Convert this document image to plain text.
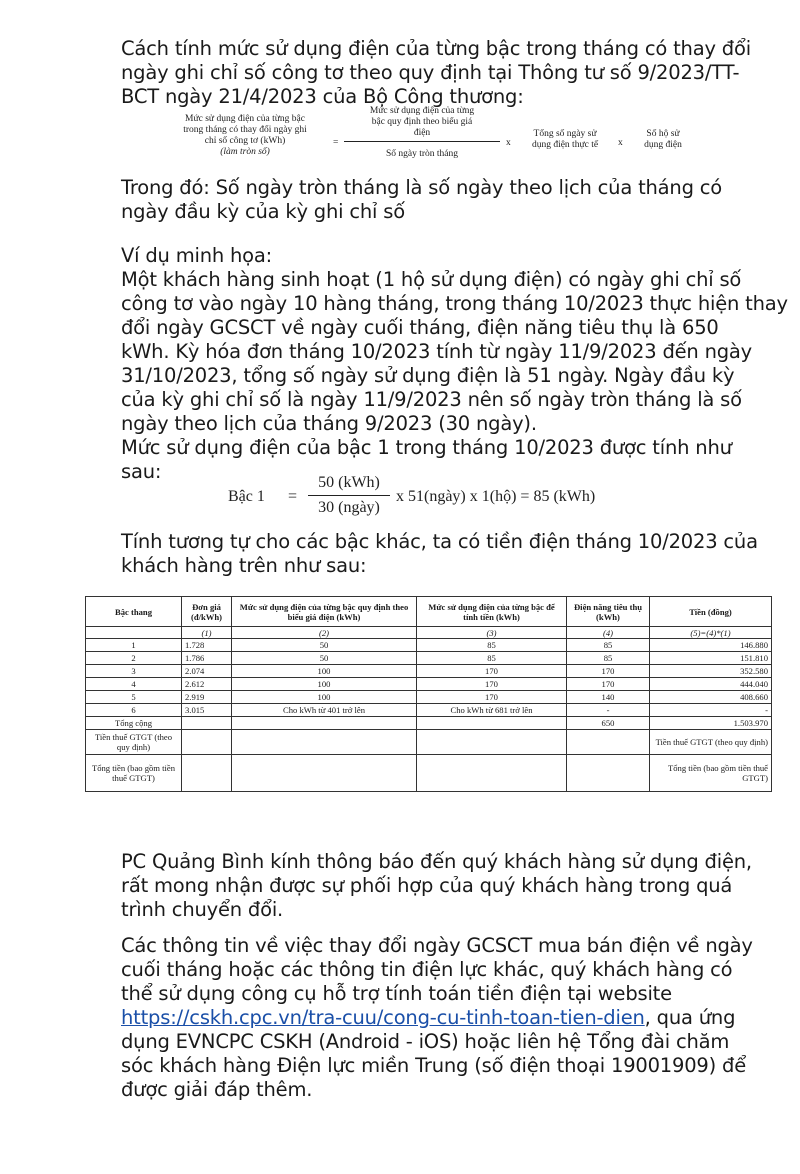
Cách tính mức sử dụng điện của từng bậc trong tháng có thay đổi

ngày ghi chỉ số công tơ theo quy định tại Thông tư số 9/2023/TT-

BCT ngày 21/4/2023 của Bộ Công thương:

Mức sử dụng điện của từng bậc
trong tháng có thay đổi ngày ghi
chỉ số công tơ (kWh)
(làm tròn số)
=
Mức sử dụng điện của từng
bậc quy định theo biểu giá
điện
Số ngày tròn tháng
x
Tổng số ngày sử
dụng điện thực tế	x
Số hộ sử
dụng điện

Trong đó: Số ngày tròn tháng là số ngày theo lịch của tháng có

ngày đầu kỳ của kỳ ghi chỉ số

Ví dụ minh họa:

Một khách hàng sinh hoạt (1 hộ sử dụng điện) có ngày ghi chỉ số

công tơ vào ngày 10 hàng tháng, trong tháng 10/2023 thực hiện thay

đổi ngày GCSCT về ngày cuối tháng, điện năng tiêu thụ là 650

kWh. Kỳ hóa đơn tháng 10/2023 tính từ ngày 11/9/2023 đến ngày

31/10/2023, tổng số ngày sử dụng điện là 51 ngày. Ngày đầu kỳ

của kỳ ghi chỉ số là ngày 11/9/2023 nên số ngày tròn tháng là số

ngày theo lịch của tháng 9/2023 (30 ngày).

Mức sử dụng điện của bậc 1 trong tháng 10/2023 được tính như

sau:

Bậc 1 =
50 (kWh)
30 (ngày)
x 51(ngày) x 1(hộ) = 85 (kWh)

Tính tương tự cho các bậc khác, ta có tiền điện tháng 10/2023 của

khách hàng trên như sau:

Bậc thang	Đơn giá (đ/kWh)	Mức sử dụng điện của từng bậc quy định theo biểu giá điện (kWh)	Mức sử dụng điện của từng bậc để tính tiền (kWh)	Điện năng tiêu thụ (kWh)	Tiền (đồng)
	(1)	(2)	(3)	(4)	(5)=(4)*(1)
1	1.728	50	85	85	146.880
2	1.786	50	85	85	151.810
3	2.074	100	170	170	352.580
4	2.612	100	170	170	444.040
5	2.919	100	170	140	408.660
6	3.015	Cho kWh từ 401 trở lên	Cho kWh từ 681 trở lên	-	-
Tổng cộng				650	1.503.970
Tiền thuế GTGT (theo quy định)					Tiền thuế GTGT (theo quy định)
Tổng tiền (bao gồm tiền thuế GTGT)					Tổng tiền (bao gồm tiền thuế GTGT)

PC Quảng Bình kính thông báo đến quý khách hàng sử dụng điện,

rất mong nhận được sự phối hợp của quý khách hàng trong quá

trình chuyển đổi.

Các thông tin về việc thay đổi ngày GCSCT mua bán điện về ngày

cuối tháng hoặc các thông tin điện lực khác, quý khách hàng có

thể sử dụng công cụ hỗ trợ tính toán tiền điện tại website

https://cskh.cpc.vn/tra-cuu/cong-cu-tinh-toan-tien-dien, qua ứng

dụng EVNCPC CSKH (Android - iOS) hoặc liên hệ Tổng đài chăm

sóc khách hàng Điện lực miền Trung (số điện thoại 19001909) để

được giải đáp thêm.
